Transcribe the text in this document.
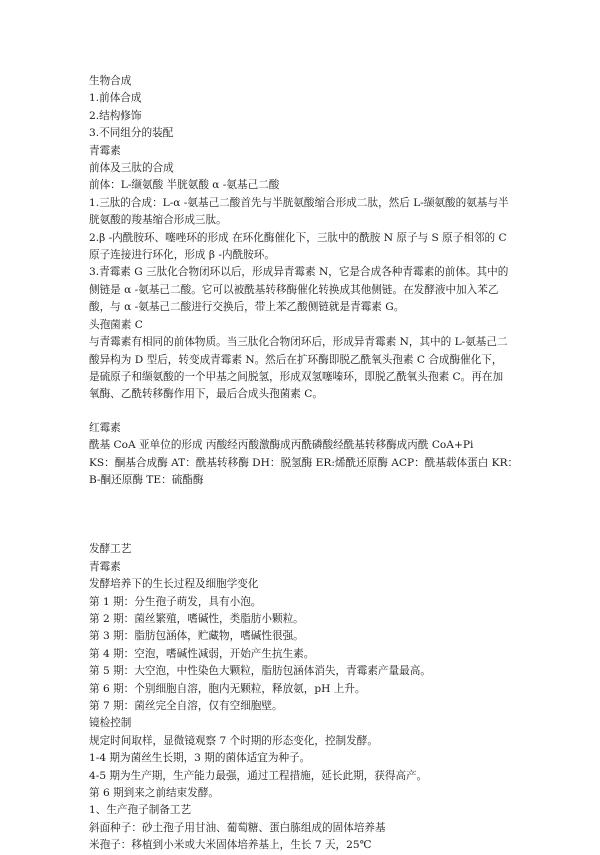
生物合成

1.前体合成

2.结构修饰

3.不同组分的装配

青霉素

前体及三肽的合成

前体：L-缬氨酸 半胱氨酸 α -氨基己二酸

1.三肽的合成：L-α -氨基己二酸首先与半胱氨酸缩合形成二肽，然后 L-缬氨酸的氨基与半胱氨酸的羧基缩合形成三肽。

2.β -内酰胺环、噻唑环的形成 在环化酶催化下，三肽中的酰胺 N 原子与 S 原子相邻的 C 原子连接进行环化，形成 β -内酰胺环。

3.青霉素 G 三肽化合物闭环以后，形成异青霉素 N，它是合成各种青霉素的前体。其中的侧链是 α -氨基己二酸。它可以被酰基转移酶催化转换成其他侧链。在发酵液中加入苯乙酸，与 α -氨基己二酸进行交换后，带上苯乙酸侧链就是青霉素 G。

头孢菌素 C

与青霉素有相同的前体物质。当三肽化合物闭环后，形成异青霉素 N，其中的 L-氨基己二酸异构为 D 型后，转变成青霉素 N。然后在扩环酶即脱乙酰氧头孢素 C 合成酶催化下，是硫原子和缬氨酸的一个甲基之间脱氢，形成双氢噻嗪环，即脱乙酰氧头孢素 C。再在加氧酶、乙酰转移酶作用下，最后合成头孢菌素 C。

红霉素

酰基 CoA 亚单位的形成 丙酸经丙酸激酶成丙酰磷酸经酰基转移酶成丙酰 CoA+Pi

KS：酮基合成酶 AT：酰基转移酶 DH：脱氢酶 ER:烯酰还原酶 ACP：酰基载体蛋白 KR：

B-酮还原酶 TE：硫酯酶

发酵工艺

青霉素

发酵培养下的生长过程及细胞学变化

第 1 期：分生孢子萌发，具有小泡。

第 2 期：菌丝繁殖，嗜碱性，类脂肪小颗粒。

第 3 期：脂肪包涵体，贮藏物，嗜碱性很强。

第 4 期：空泡，嗜碱性减弱，开始产生抗生素。

第 5 期：大空泡，中性染色大颗粒，脂肪包涵体消失，青霉素产量最高。

第 6 期：个别细胞自溶，胞内无颗粒，释放氨，pH 上升。

第 7 期：菌丝完全自溶，仅有空细胞壁。

镜检控制

规定时间取样，显微镜观察 7 个时期的形态变化，控制发酵。

1-4 期为菌丝生长期，3 期的菌体适宜为种子。

4-5 期为生产期，生产能力最强，通过工程措施，延长此期，获得高产。

第 6 期到来之前结束发酵。

1、生产孢子制备工艺

斜面种子：砂土孢子用甘油、葡萄糖、蛋白胨组成的固体培养基

米孢子：移植到小米或大米固体培养基上，生长 7 天，25℃
